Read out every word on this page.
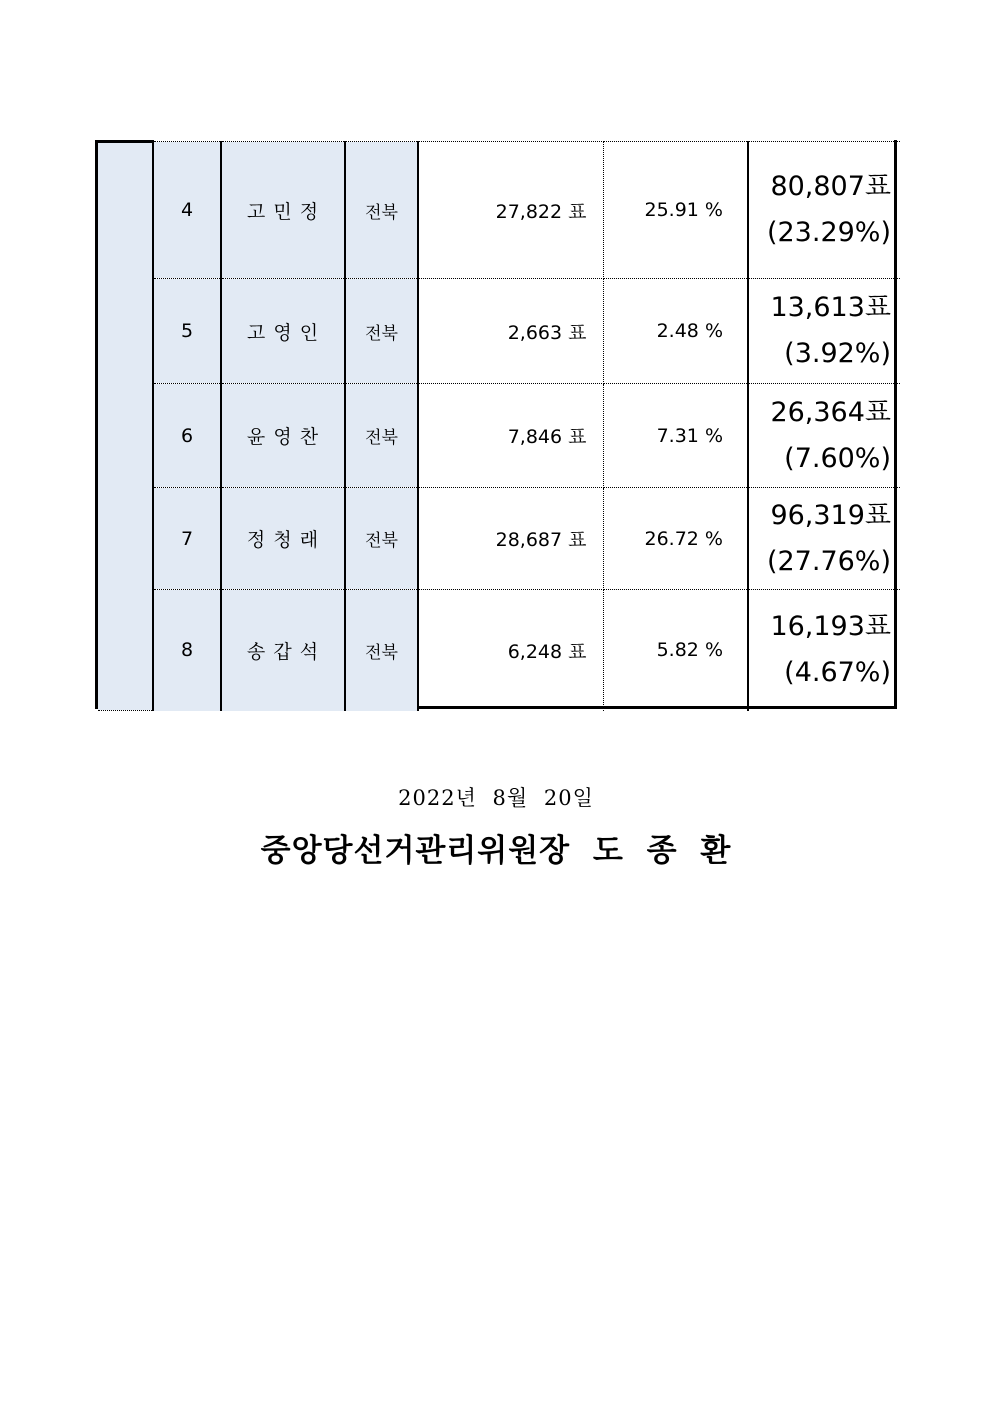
	4	고 민 정	전북	27,822 표	25.91 %	80,807표
(23.29%)

	5	고 영 인	전북	2,663 표	2.48 %	13,613표
(3.92%)

	6	윤 영 찬	전북	7,846 표	7.31 %	26,364표
(7.60%)

	7	정 청 래	전북	28,687 표	26.72 %	96,319표
(27.76%)

	8	송 갑 석	전북	6,248 표	5.82 %	16,193표
(4.67%)
2022년 8월 20일
중앙당선거관리위원장 도 종 환
